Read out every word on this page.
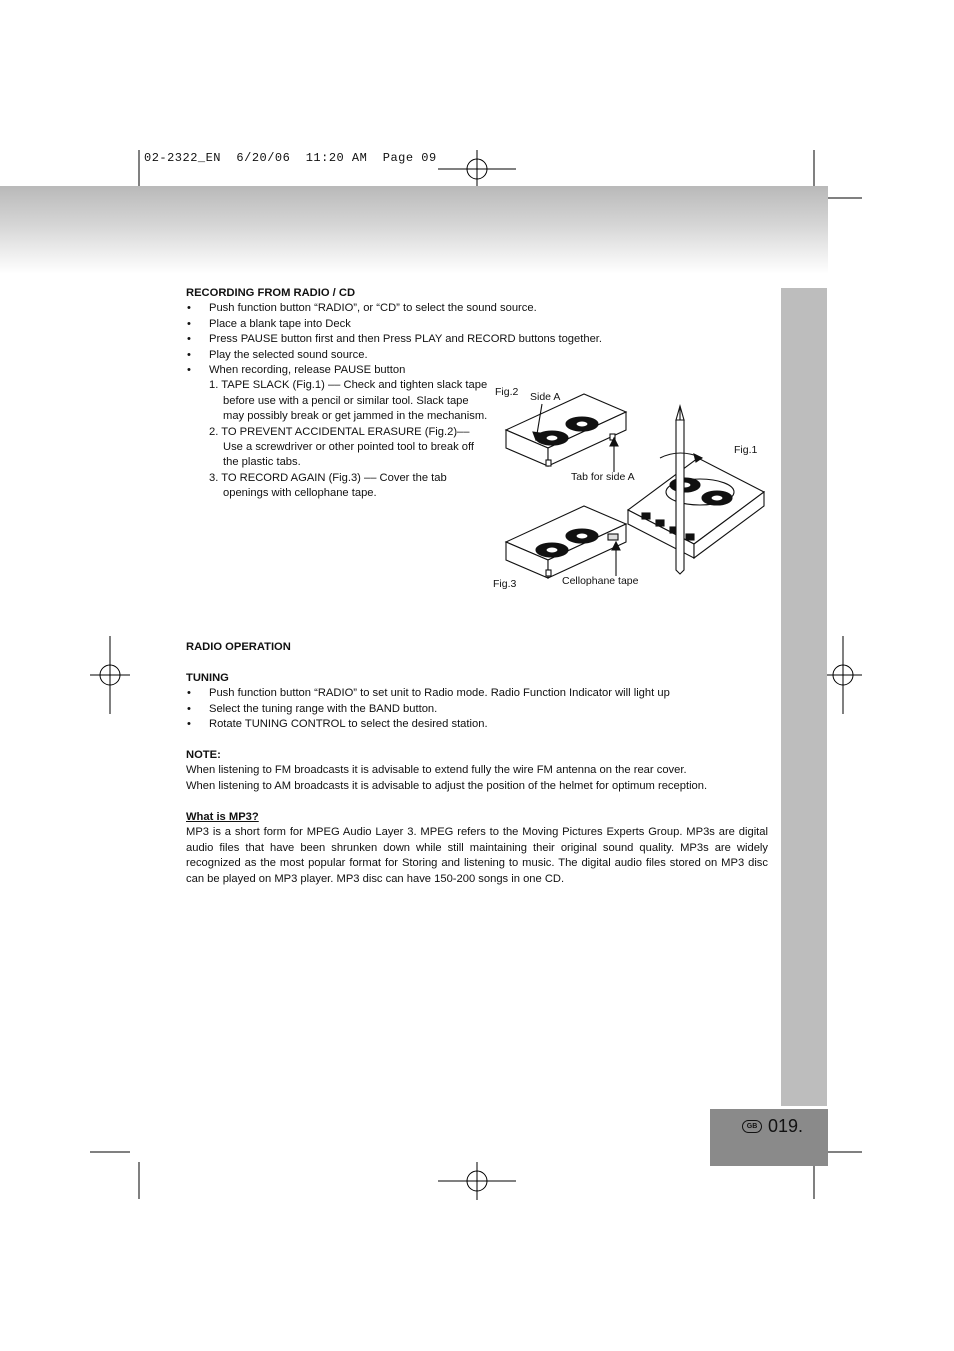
02-2322_EN  6/20/06  11:20 AM  Page 09
GB 019.

RECORDING FROM RADIO / CD

• Push function button “RADIO”, or “CD” to select the sound source.
• Place a blank tape into Deck
• Press PAUSE button first and then Press PLAY and RECORD buttons together.
• Play the selected sound source.
• When recording, release PAUSE button
1. TAPE SLACK (Fig.1) –– Check and tighten slack tape before use with a pencil or similar tool. Slack tape may possibly break or get jammed in the mechanism.
2. TO PREVENT ACCIDENTAL ERASURE (Fig.2)–– Use a screwdriver or other pointed tool to break off the plastic tabs.
3. TO RECORD AGAIN (Fig.3) –– Cover the tab openings with cellophane tape.
Fig.2 Side A
Fig.1
Tab for side A
Fig.3	Cellophane tape

RADIO OPERATION

TUNING

• Push function button “RADIO” to set unit to Radio mode. Radio Function Indicator will light up
• Select the tuning range with the BAND button.
• Rotate TUNING CONTROL to select the desired station.

NOTE:

When listening to FM broadcasts it is advisable to extend fully the wire FM antenna on the rear cover.

When listening to AM broadcasts it is advisable to adjust the position of the helmet for optimum reception.

What is MP3?

MP3 is a short form for MPEG Audio Layer 3. MPEG refers to the Moving Pictures Experts Group. MP3s are digital audio files that have been shrunken down while still maintaining their original sound quality. MP3s are widely recognized as the most popular format for Storing and listening to music. The digital audio files stored on MP3 disc can be played on MP3 player. MP3 disc can have 150-200 songs in one CD.
